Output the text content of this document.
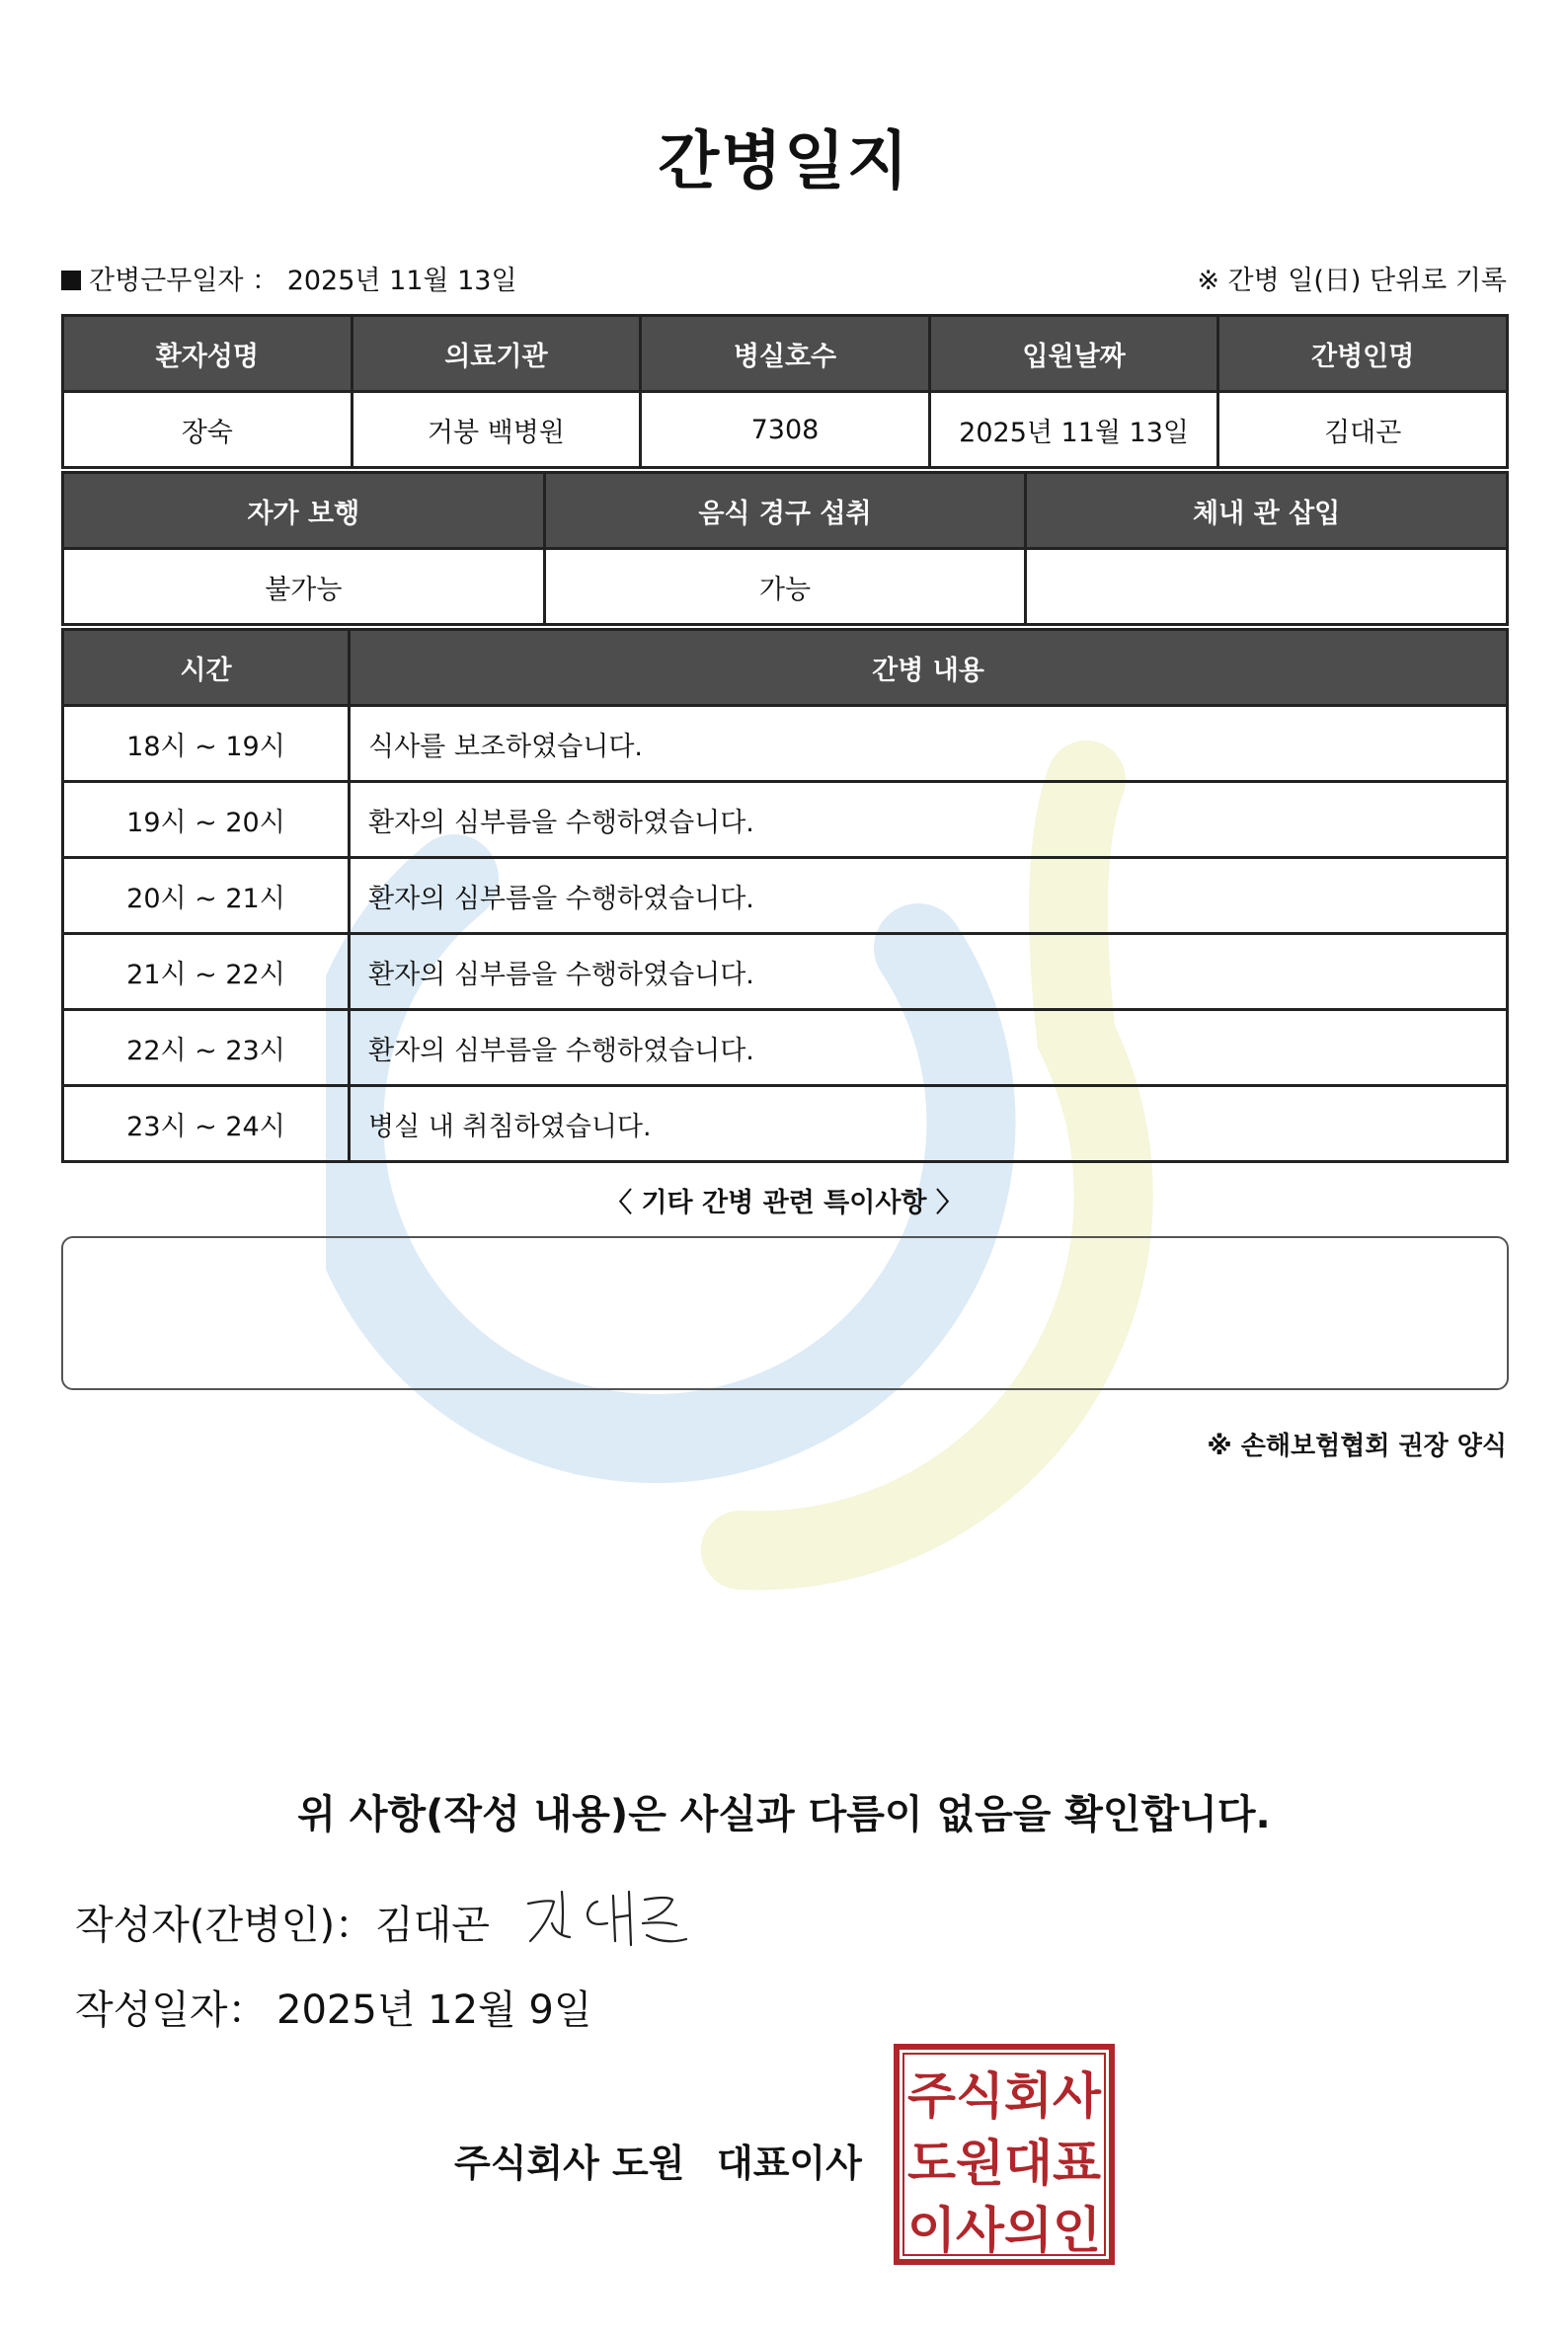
간병일지
간병근무일자 ： 2025년 11월 13일	※ 간병 일(日) 단위로 기록
환자성명	의료기관	병실호수	입원날짜	간병인명
장숙	거붕 백병원	7308	2025년 11월 13일	김대곤
자가 보행	음식 경구 섭취	체내 관 삽입
불가능	가능	
시간	간병 내용
18시 ~ 19시	식사를 보조하였습니다.
19시 ~ 20시	환자의 심부름을 수행하였습니다.
20시 ~ 21시	환자의 심부름을 수행하였습니다.
21시 ~ 22시	환자의 심부름을 수행하였습니다.
22시 ~ 23시	환자의 심부름을 수행하였습니다.
23시 ~ 24시	병실 내 취침하였습니다.
〈 기타 간병 관련 특이사항 〉
※ 손해보험협회 권장 양식
위 사항(작성 내용)은 사실과 다름이 없음을 확인합니다.
작성자(간병인)： 김대곤
작성일자： 2025년 12월 9일
주식회사 도원 대표이사
주식회사
도원대표
이사의인
